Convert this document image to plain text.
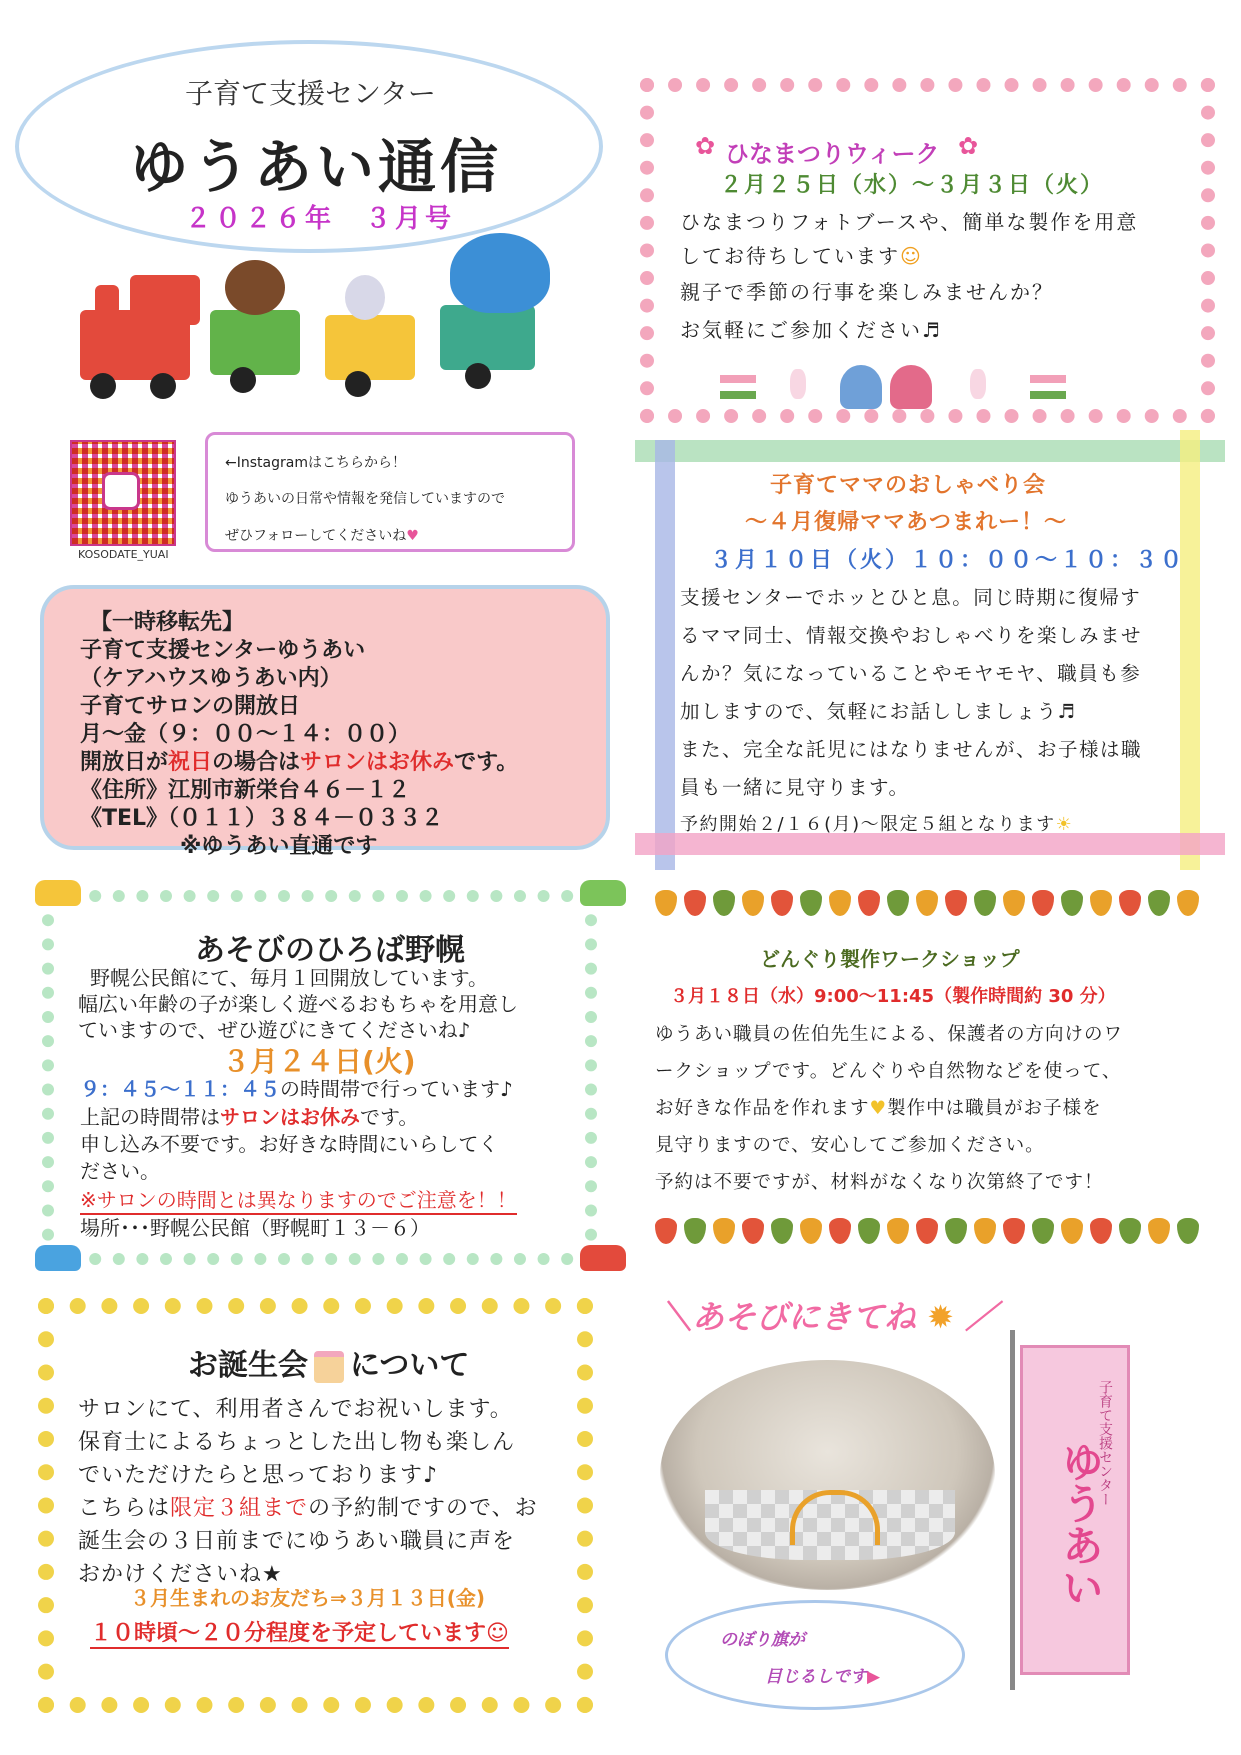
子育て支援センター
ゆうあい通信
２０２６年　３月号
✿	✿
ひなまつりウィーク
２月２５日（水）～３月３日（火）
ひなまつりフォトブースや、簡単な製作を用意
してお待ちしています☺
親子で季節の行事を楽しみませんか？
お気軽にご参加ください♬
KOSODATE_YUAI
←Instagramはこちらから！
ゆうあいの日常や情報を発信していますので
ぜひフォローしてくださいね♥
【一時移転先】
子育て支援センターゆうあい
（ケアハウスゆうあい内）
子育てサロンの開放日
月～金（９：００～１４：００）
開放日が祝日の場合はサロンはお休みです。
《住所》江別市新栄台４６－１２
《TEL》（０１１）３８４－０３３２
※ゆうあい直通です
子育てママのおしゃべり会
～４月復帰ママあつまれー！～
３月１０日（火）１０：００～１０：３０
支援センターでホッとひと息。同じ時期に復帰す
るママ同士、情報交換やおしゃべりを楽しみませ
んか？気になっていることやモヤモヤ、職員も参
加しますので、気軽にお話ししましょう♬
また、完全な託児にはなりませんが、お子様は職
員も一緒に見守ります。
予約開始２/１６(月)～限定５組となります☀
あそびのひろば野幌
野幌公民館にて、毎月１回開放しています。
幅広い年齢の子が楽しく遊べるおもちゃを用意し
ていますので、ぜひ遊びにきてくださいね♪
３月２４日(火)
９：４５～１１：４５の時間帯で行っています♪
上記の時間帯はサロンはお休みです。
申し込み不要です。お好きな時間にいらしてく
ださい。
※サロンの時間とは異なりますのでご注意を！！
場所･･･野幌公民館（野幌町１３－６）
どんぐり製作ワークショップ
３月１８日（水）9:00～11:45（製作時間約 30 分）
ゆうあい職員の佐伯先生による、保護者の方向けのワ
ークショップです。どんぐりや自然物などを使って、
お好きな作品を作れます♥製作中は職員がお子様を
見守りますので、安心してご参加ください。
予約は不要ですが、材料がなくなり次第終了です！
お誕生会 について
サロンにて、利用者さんでお祝いします。
保育士によるちょっとした出し物も楽しん
でいただけたらと思っております♪
こちらは限定３組までの予約制ですので、お
誕生会の３日前までにゆうあい職員に声を
おかけくださいね★
３月生まれのお友だち⇒３月１３日(金)
１０時頃～２０分程度を予定しています☺
＼あそびにきてね ✹ ／
子育て支援センター
ゆうあい
のぼり旗が
目じるしです▶
